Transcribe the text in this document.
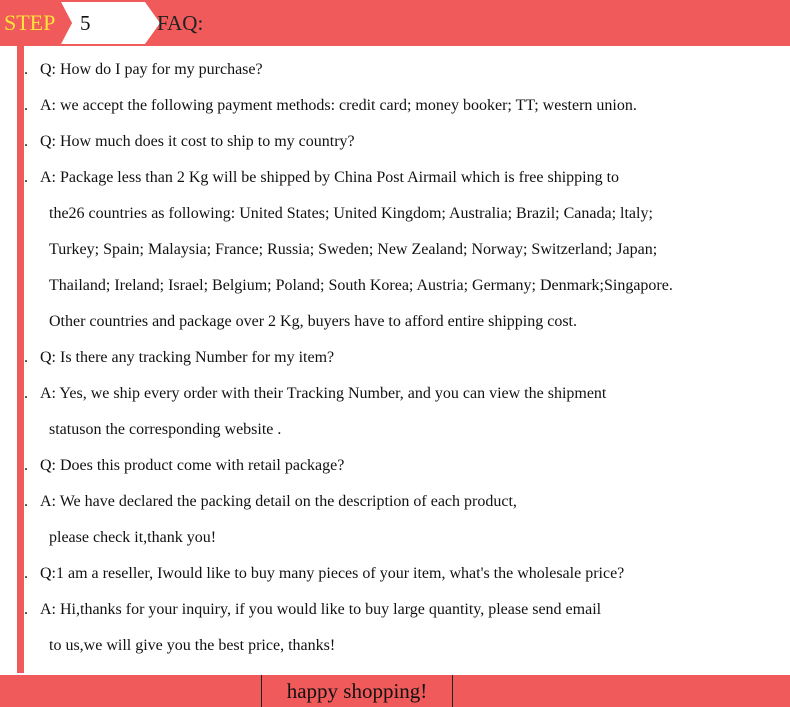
STEP 5	FAQ:
. Q: How do I pay for my purchase?
. A: we accept the following payment methods: credit card; money booker; TT; western union.
. Q: How much does it cost to ship to my country?
. A: Package less than 2 Kg will be shipped by China Post Airmail which is free shipping to
the26 countries as following: United States; United Kingdom; Australia; Brazil; Canada; ltaly;
Turkey; Spain; Malaysia; France; Russia; Sweden; New Zealand; Norway; Switzerland; Japan;
Thailand; Ireland; Israel; Belgium; Poland; South Korea; Austria; Germany; Denmark;Singapore.
Other countries and package over 2 Kg, buyers have to afford entire shipping cost.
. Q: Is there any tracking Number for my item?
. A: Yes, we ship every order with their Tracking Number, and you can view the shipment
statuson the corresponding website .
. Q: Does this product come with retail package?
. A: We have declared the packing detail on the description of each product,
please check it,thank you!
. Q:1 am a reseller, Iwould like to buy many pieces of your item, what's the wholesale price?
. A: Hi,thanks for your inquiry, if you would like to buy large quantity, please send email
to us,we will give you the best price, thanks!
happy shopping!
